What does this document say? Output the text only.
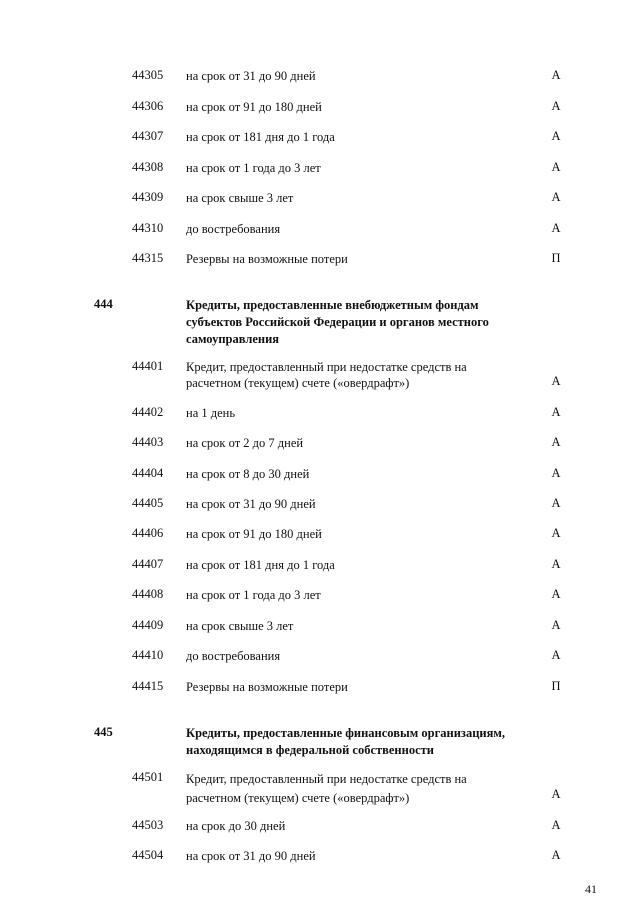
44305 на срок от 31 до 90 дней	А
44306 на срок от 91 до 180 дней	А
44307 на срок от 181 дня до 1 года	А
44308 на срок от 1 года до 3 лет	А
44309 на срок свыше 3 лет	А
44310 до востребования	А
44315 Резервы на возможные потери	П
444	Кредиты, предоставленные внебюджетным фондам субъектов Российской Федерации и органов местного самоуправления
44401 Кредит, предоставленный при недостатке средств на расчетном (текущем) счете («овердрафт»)	А
44402 на 1 день	А
44403 на срок от 2 до 7 дней	А
44404 на срок от 8 до 30 дней	А
44405 на срок от 31 до 90 дней	А
44406 на срок от 91 до 180 дней	А
44407 на срок от 181 дня до 1 года	А
44408 на срок от 1 года до 3 лет	А
44409 на срок свыше 3 лет	А
44410 до востребования	А
44415 Резервы на возможные потери	П
445	Кредиты, предоставленные финансовым организациям, находящимся в федеральной собственности
44501 Кредит, предоставленный при недостатке средств на расчетном (текущем) счете («овердрафт»)	А
44503 на срок до 30 дней	А
44504 на срок от 31 до 90 дней	А
41
